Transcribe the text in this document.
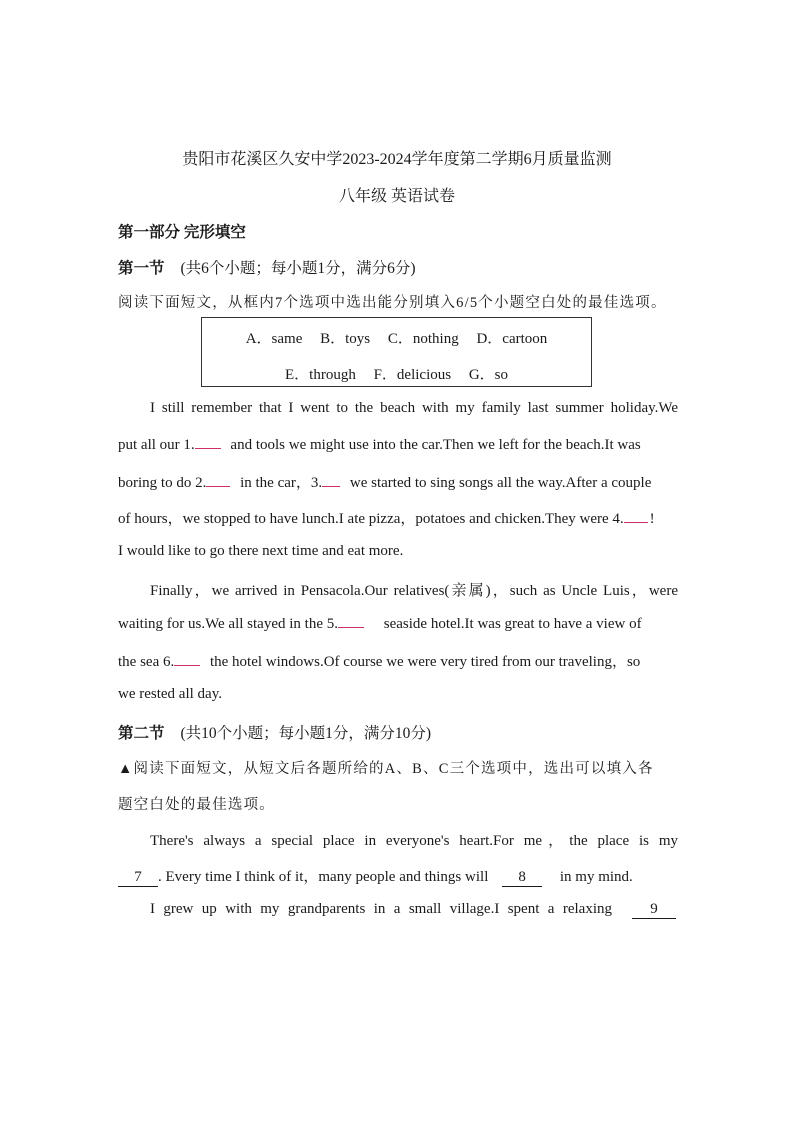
贵阳市花溪区久安中学2023-2024学年度第二学期6月质量监测
八年级 英语试卷
第一部分 完形填空
第一节 (共6个小题；每小题1分，满分6分)
阅读下面短文，从框内7个选项中选出能分别填入6/5个小题空白处的最佳选项。
A．same B．toys C．nothing D．cartoon
E．through F．delicious G．so
I still remember that I went to the beach with my family last summer holiday.We
put all our 1. and tools we might use into the car.Then we left for the beach.It was
boring to do 2. in the car，3. we started to sing songs all the way.After a couple
of hours，we stopped to have lunch.I ate pizza，potatoes and chicken.They were 4. !
I would like to go there next time and eat more.
Finally，we arrived in Pensacola.Our relatives(亲属)，such as Uncle Luis，were
waiting for us.We all stayed in the 5.	seaside hotel.It was great to have a view of
the sea 6. the hotel windows.Of course we were very tired from our traveling，so
we rested all day.
第二节 (共10个小题；每小题1分，满分10分)
▲阅读下面短文，从短文后各题所给的A、B、C三个选项中，选出可以填入各
题空白处的最佳选项。
There's always a special place in everyone's heart.For me，the place is my
7 . Every time I think of it，many people and things will 8 in my mind.
I grew up with my grandparents in a small village.I spent a relaxing	9
